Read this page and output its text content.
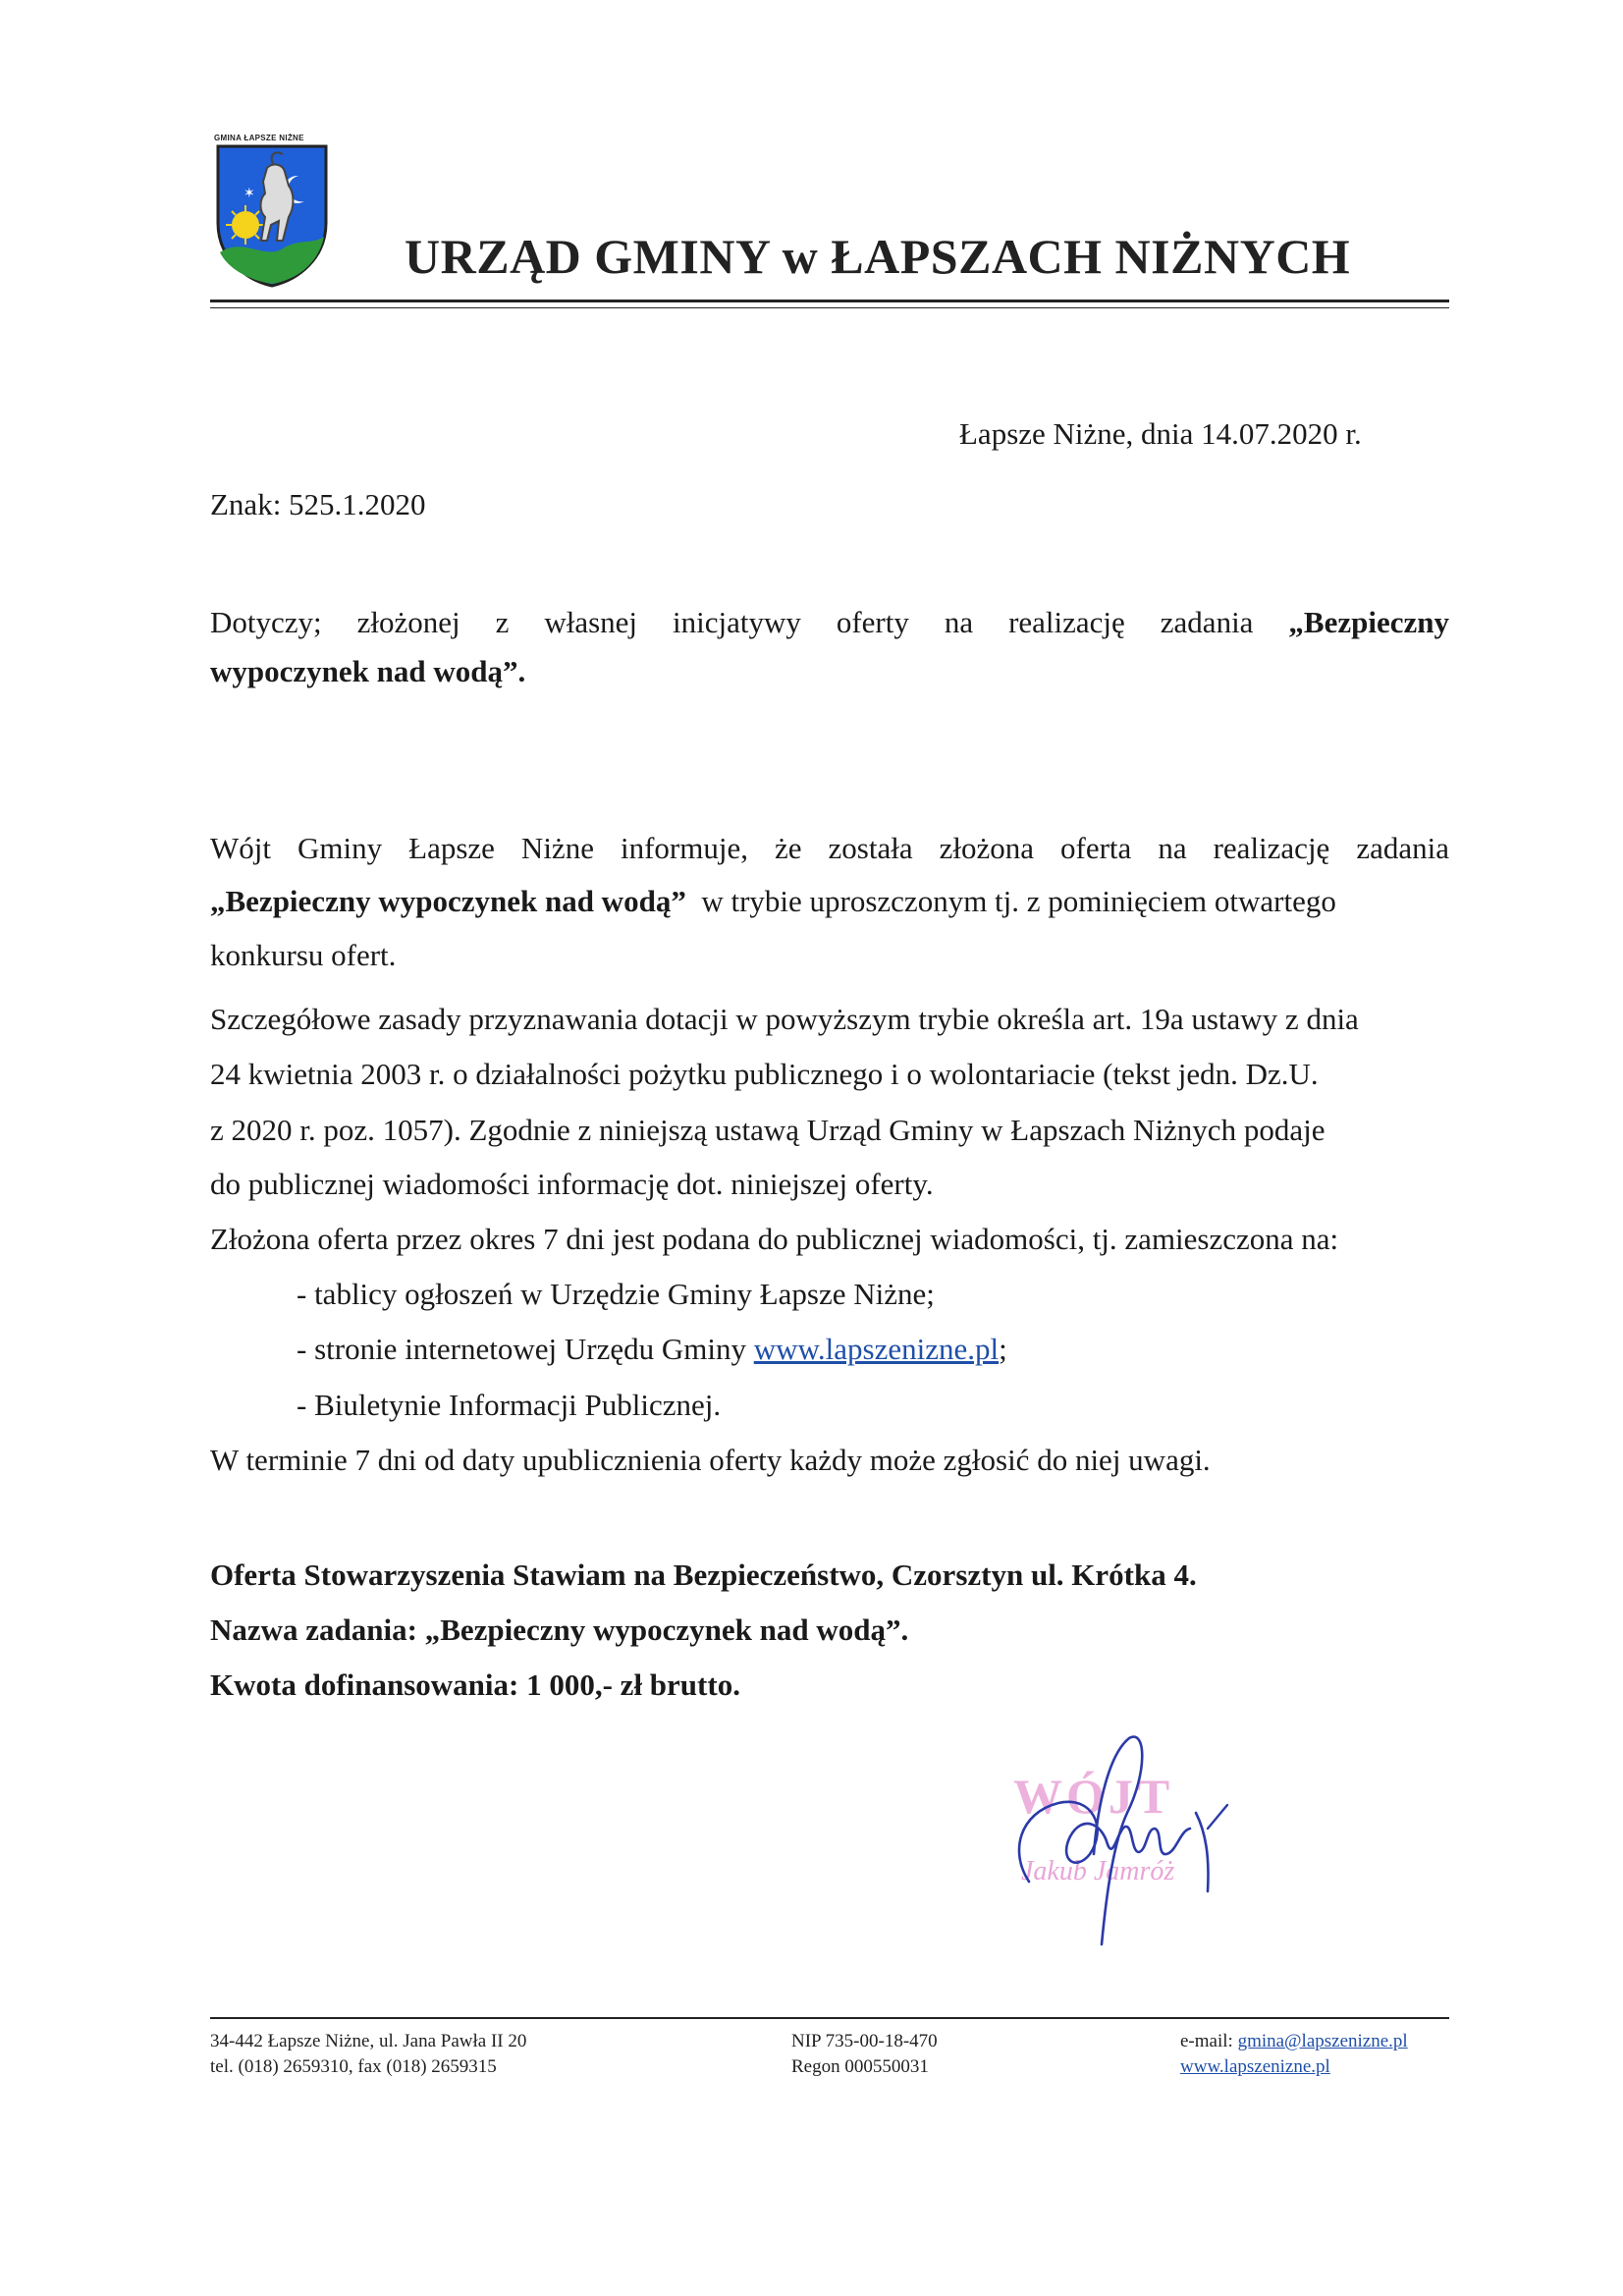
GMINA ŁAPSZE NIŻNE
✶
URZĄD GMINY w ŁAPSZACH NIŻNYCH
Łapsze Niżne, dnia 14.07.2020 r.
Znak: 525.1.2020
Dotyczy; złożonej z własnej inicjatywy oferty na realizację zadania „Bezpieczny
wypoczynek nad wodą”.
Wójt Gminy Łapsze Niżne informuje, że została złożona oferta na realizację zadania
„Bezpieczny wypoczynek nad wodą”  w trybie uproszczonym tj. z pominięciem otwartego
konkursu ofert.
Szczegółowe zasady przyznawania dotacji w powyższym trybie określa art. 19a ustawy z dnia
24 kwietnia 2003 r. o działalności pożytku publicznego i o wolontariacie (tekst jedn. Dz.U.
z 2020 r. poz. 1057). Zgodnie z niniejszą ustawą Urząd Gminy w Łapszach Niżnych podaje
do publicznej wiadomości informację dot. niniejszej oferty.
Złożona oferta przez okres 7 dni jest podana do publicznej wiadomości, tj. zamieszczona na:
- tablicy ogłoszeń w Urzędzie Gminy Łapsze Niżne;
- stronie internetowej Urzędu Gminy www.lapszenizne.pl;
- Biuletynie Informacji Publicznej.
W terminie 7 dni od daty upublicznienia oferty każdy może zgłosić do niej uwagi.
Oferta Stowarzyszenia Stawiam na Bezpieczeństwo, Czorsztyn ul. Krótka 4.
Nazwa zadania: „Bezpieczny wypoczynek nad wodą”.
Kwota dofinansowania: 1 000,- zł brutto.
WÓJT
Jakub Jamróż
34-442 Łapsze Niżne, ul. Jana Pawła II 20
tel. (018) 2659310, fax (018) 2659315
NIP 735-00-18-470
Regon 000550031
e-mail: gmina@lapszenizne.pl
www.lapszenizne.pl
